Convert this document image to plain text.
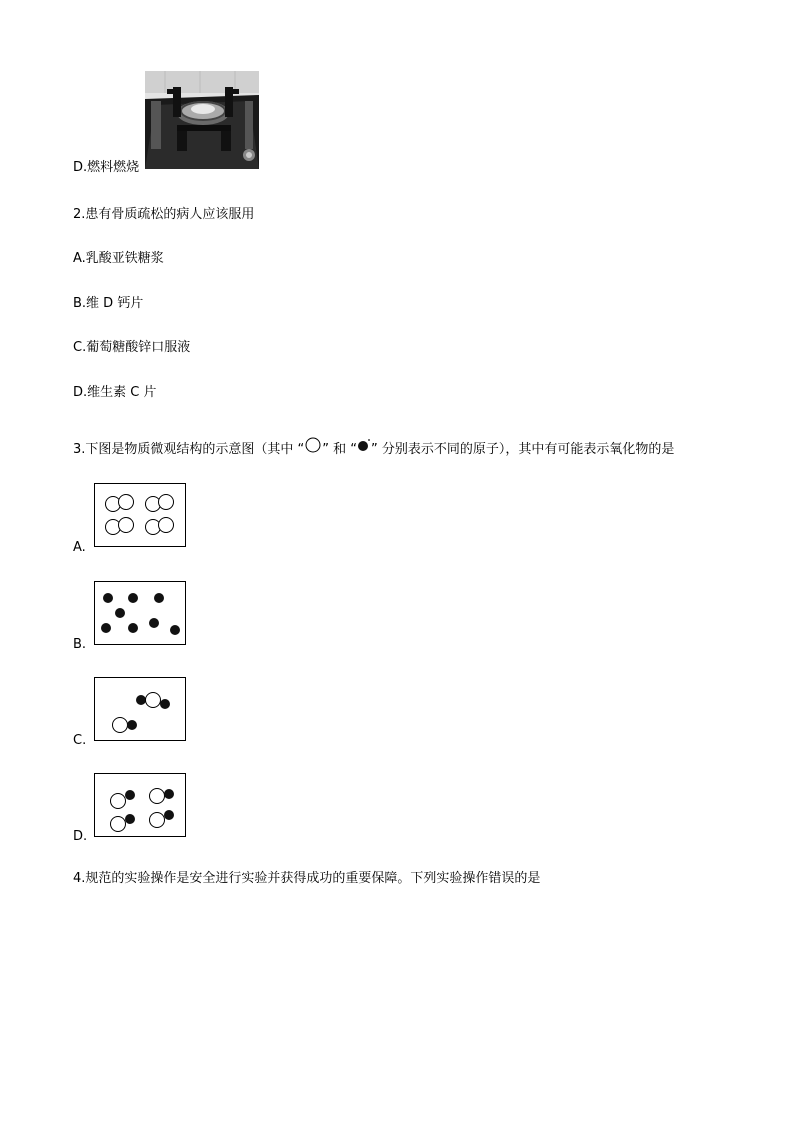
D.燃料燃烧
2.患有骨质疏松的病人应该服用
A.乳酸亚铁糖浆
B.维 D 钙片
C.葡萄糖酸锌口服液
D.维生素 C 片
3.下图是物质微观结构的示意图（其中 “ ” 和 “ ” 分别表示不同的原子），其中有可能表示氧化物的是
A.
B.
C.
D.
4.规范的实验操作是安全进行实验并获得成功的重要保障。下列实验操作错误的是
